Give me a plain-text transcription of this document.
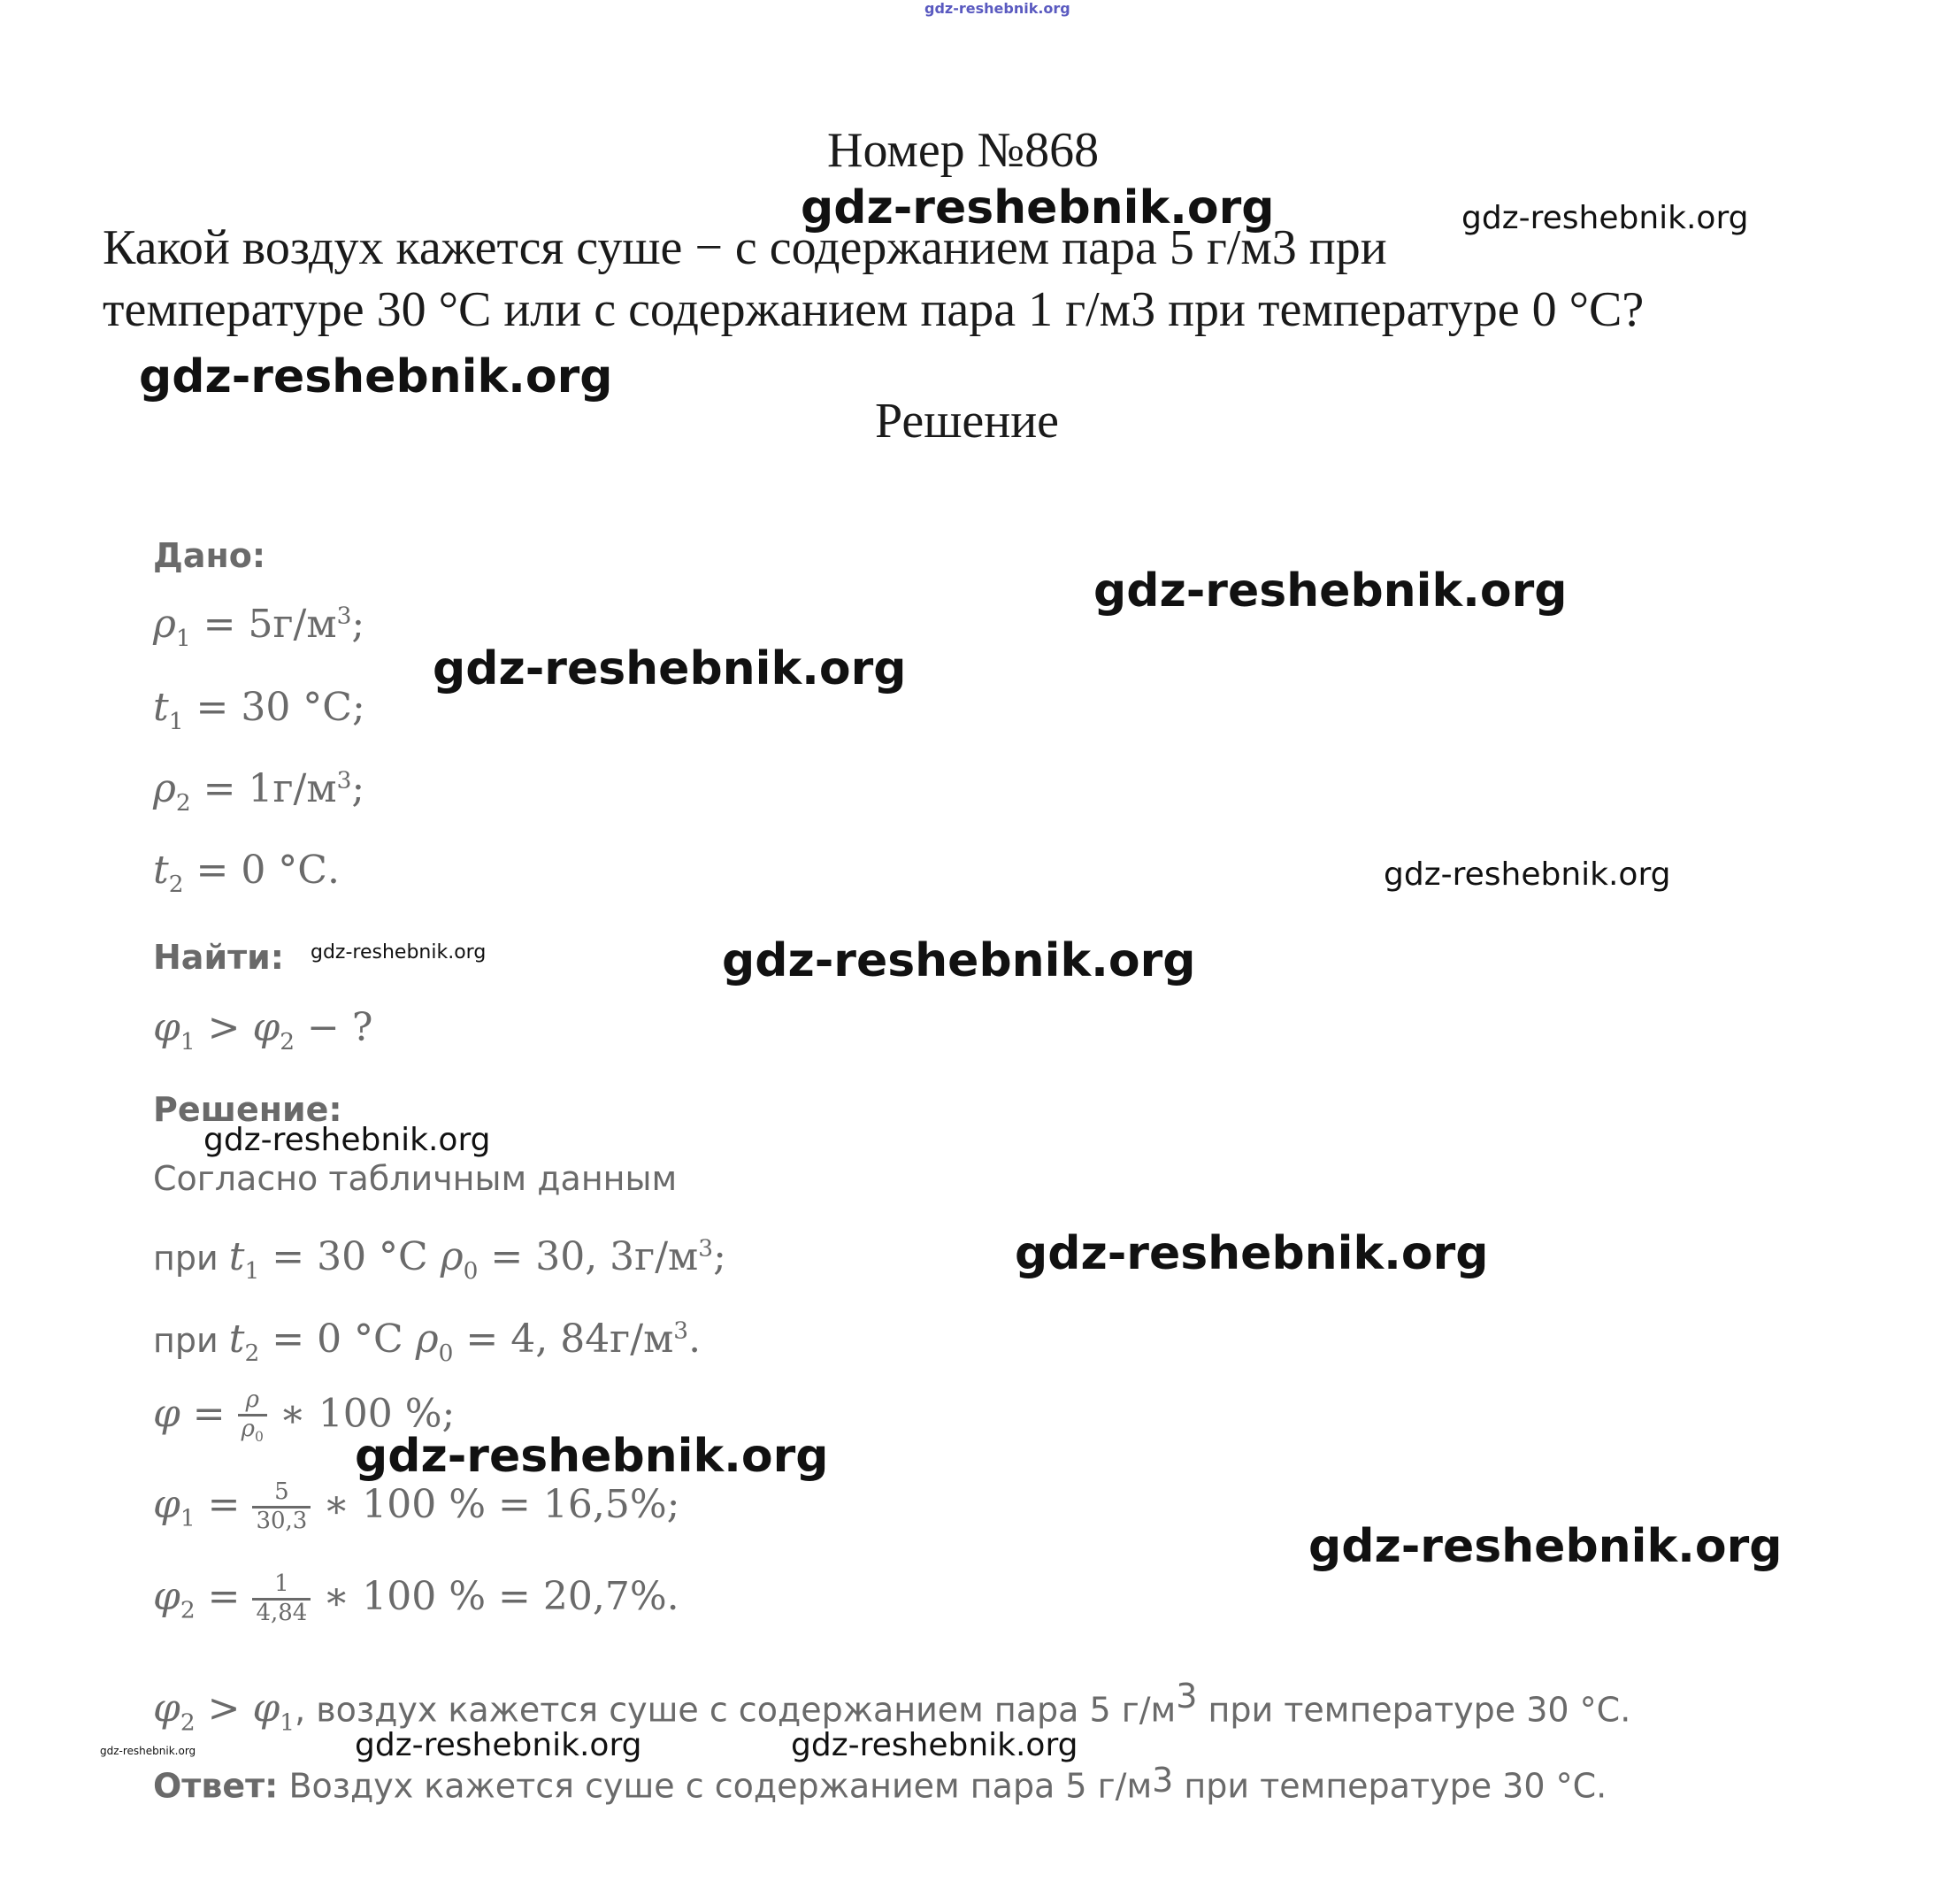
gdz-reshebnik.org
Номер №868
Какой воздух кажется суше − с содержанием пара 5 г/м3 при
температуре 30 °С или с содержанием пара 1 г/м3 при температуре 0 °С?
Решение
Дано:
$\rho_1 = 5г/м^3$;
$t_1 = 30$ °С;
$\rho_2 = 1г/м^3$;
$t_2 = 0$ °С.
Найти:
$\varphi_1 > \varphi_2$ − ?
Решение:
Согласно табличным данным
при $t_1 = 30$ °С $\rho_0 = 30$, $3г/м^3$;
при $t_2 = 0$ °С $\rho_0 = 4$, $84г/м^3$.
$\varphi = \frac{\rho}{\rho_0}$ ∗ 100 %;
$\varphi_1 = \frac{5}{30,3}$ ∗ 100 % = 16,5%;
$\varphi_2 = \frac{1}{4,84}$ ∗ 100 % = 20,7%.
$\varphi_2 > \varphi_1$, воздух кажется суше с содержанием пара 5 $г/м^3$ при температуре 30 °С.
Ответ: Воздух кажется суше с содержанием пара 5 $г/м^3$ при температуре 30 °С.
gdz-reshebnik.org	gdz-reshebnik.org
gdz-reshebnik.org
gdz-reshebnik.org
gdz-reshebnik.org
gdz-reshebnik.org
gdz-reshebnik.org	gdz-reshebnik.org
gdz-reshebnik.org
gdz-reshebnik.org
gdz-reshebnik.org
gdz-reshebnik.org
gdz-reshebnik.org	gdz-reshebnik.org	gdz-reshebnik.org
